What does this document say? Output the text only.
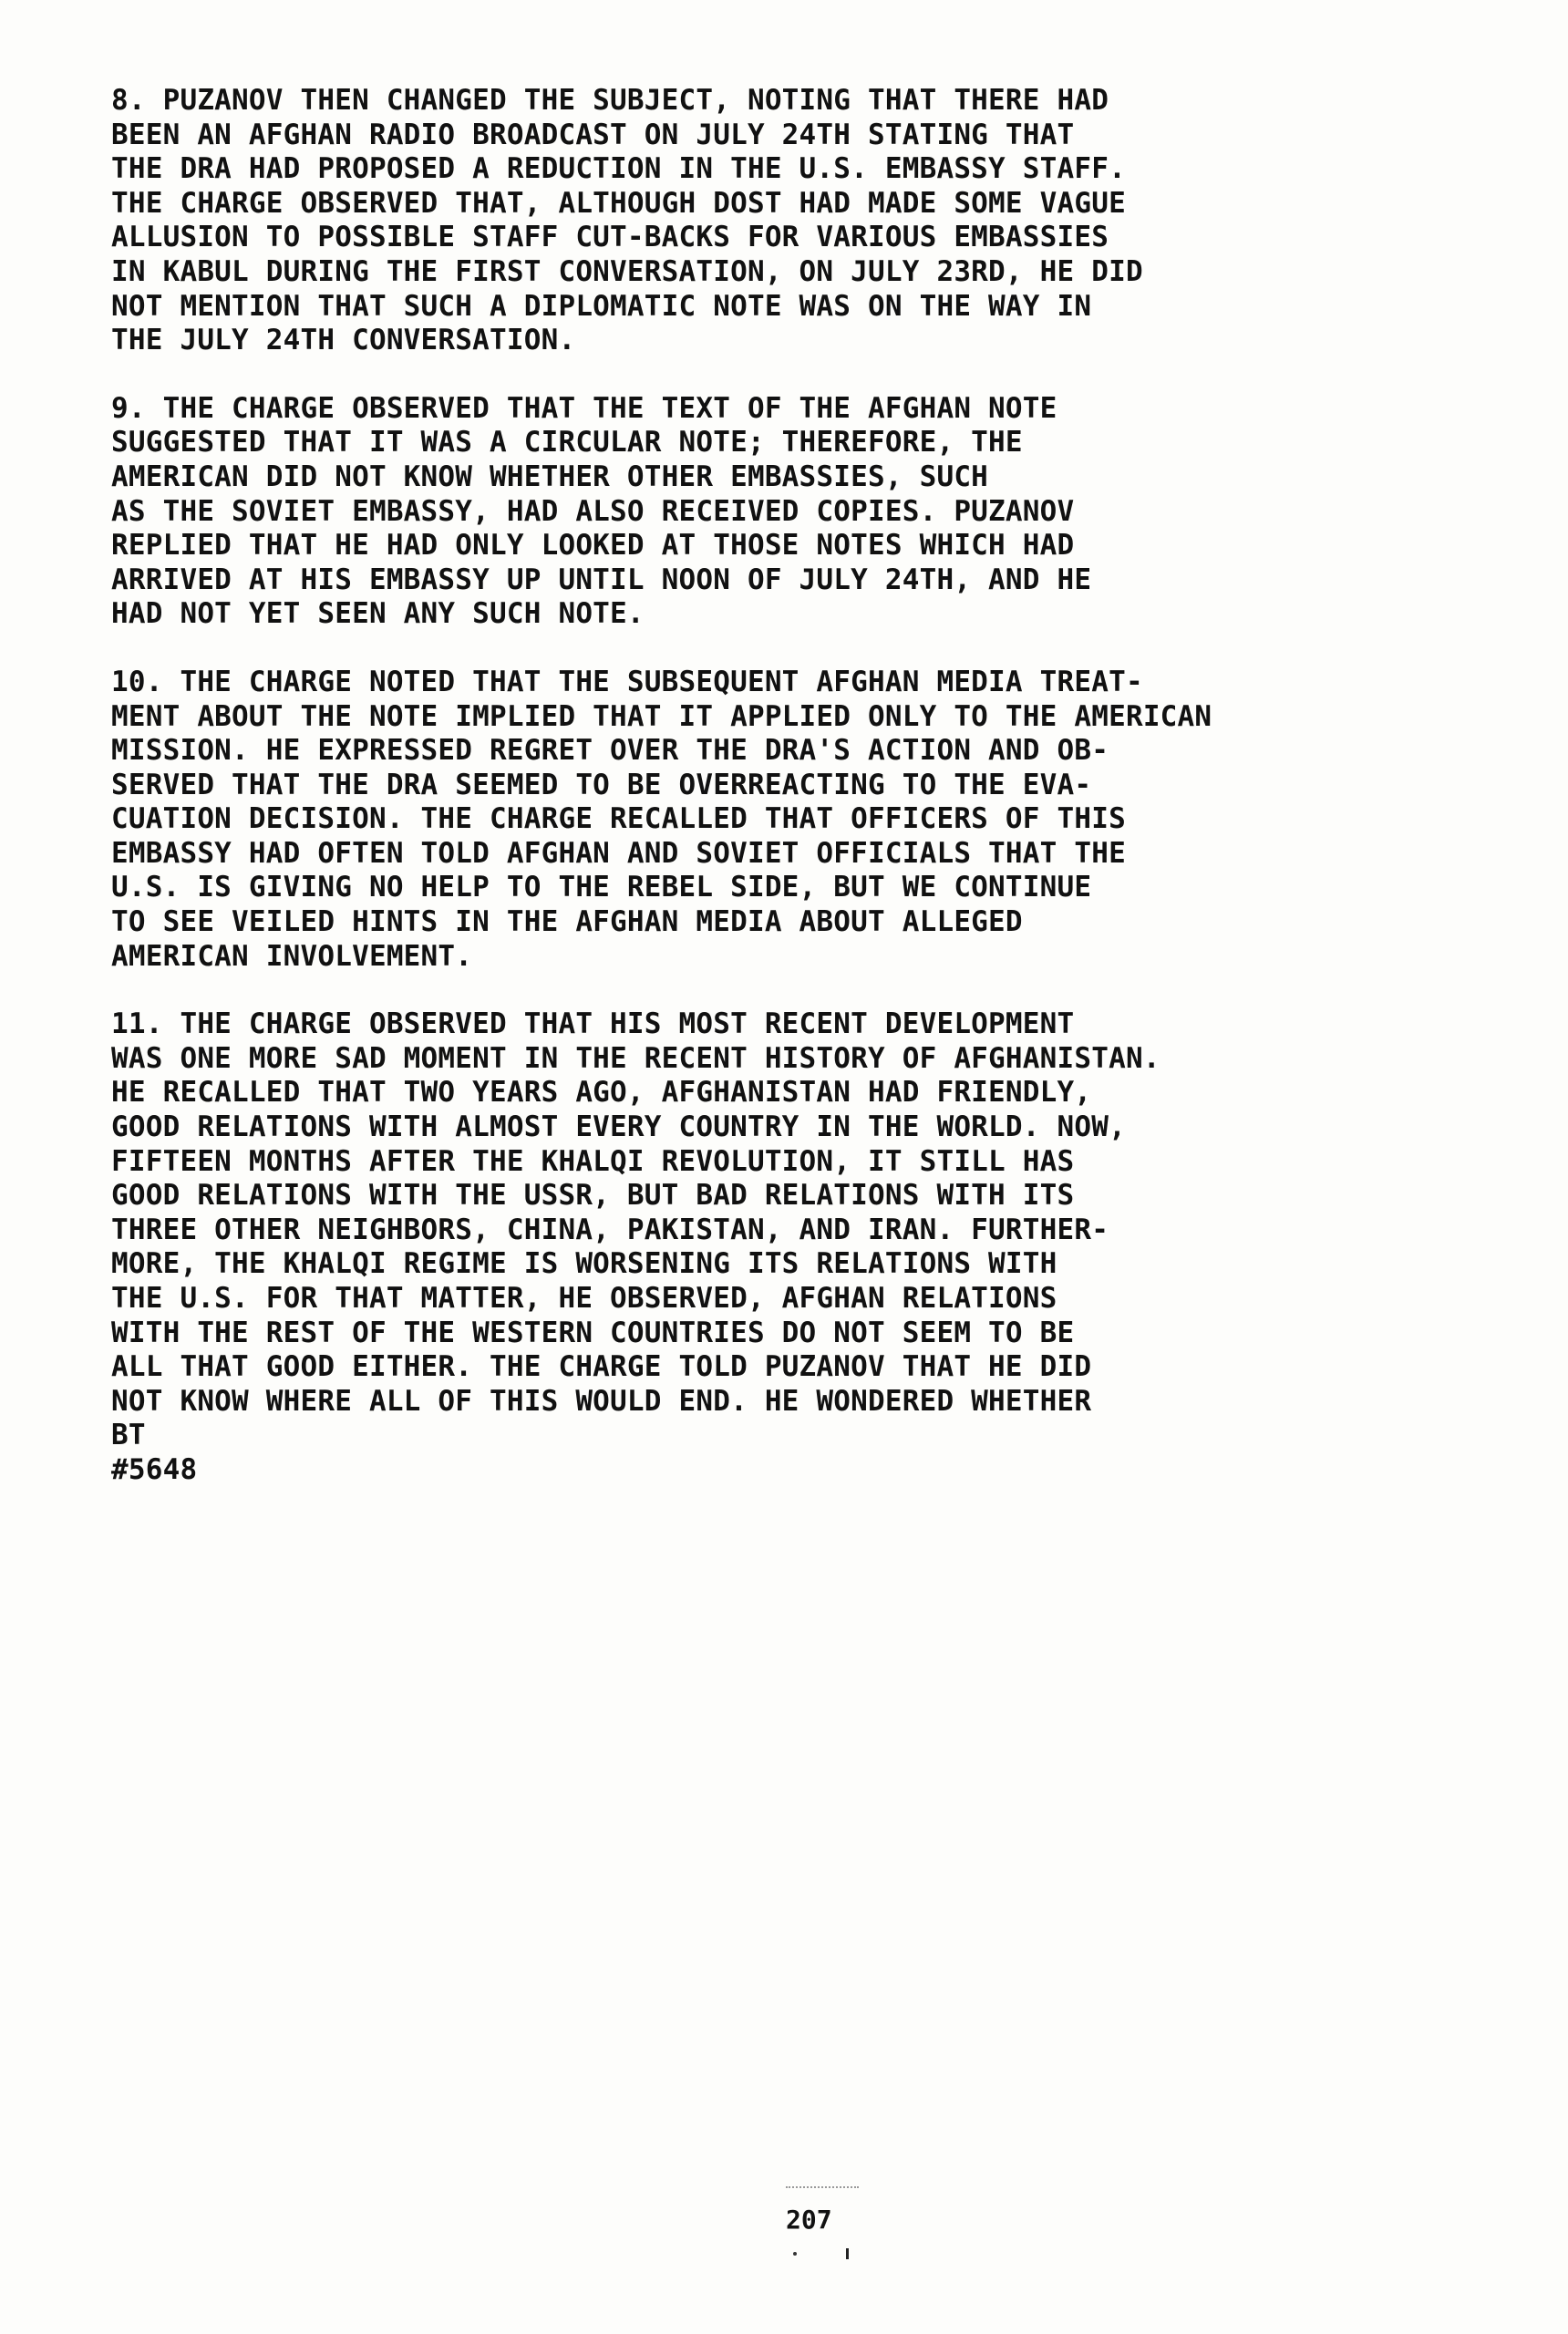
8. PUZANOV THEN CHANGED THE SUBJECT, NOTING THAT THERE HAD
BEEN AN AFGHAN RADIO BROADCAST ON JULY 24TH STATING THAT
THE DRA HAD PROPOSED A REDUCTION IN THE U.S. EMBASSY STAFF.
THE CHARGE OBSERVED THAT, ALTHOUGH DOST HAD MADE SOME VAGUE
ALLUSION TO POSSIBLE STAFF CUT-BACKS FOR VARIOUS EMBASSIES
IN KABUL DURING THE FIRST CONVERSATION, ON JULY 23RD, HE DID
NOT MENTION THAT SUCH A DIPLOMATIC NOTE WAS ON THE WAY IN
THE JULY 24TH CONVERSATION.
9. THE CHARGE OBSERVED THAT THE TEXT OF THE AFGHAN NOTE
SUGGESTED THAT IT WAS A CIRCULAR NOTE; THEREFORE, THE
AMERICAN DID NOT KNOW WHETHER OTHER EMBASSIES, SUCH
AS THE SOVIET EMBASSY, HAD ALSO RECEIVED COPIES. PUZANOV
REPLIED THAT HE HAD ONLY LOOKED AT THOSE NOTES WHICH HAD
ARRIVED AT HIS EMBASSY UP UNTIL NOON OF JULY 24TH, AND HE
HAD NOT YET SEEN ANY SUCH NOTE.
10. THE CHARGE NOTED THAT THE SUBSEQUENT AFGHAN MEDIA TREAT-
MENT ABOUT THE NOTE IMPLIED THAT IT APPLIED ONLY TO THE AMERICAN
MISSION. HE EXPRESSED REGRET OVER THE DRA'S ACTION AND OB-
SERVED THAT THE DRA SEEMED TO BE OVERREACTING TO THE EVA-
CUATION DECISION. THE CHARGE RECALLED THAT OFFICERS OF THIS
EMBASSY HAD OFTEN TOLD AFGHAN AND SOVIET OFFICIALS THAT THE
U.S. IS GIVING NO HELP TO THE REBEL SIDE, BUT WE CONTINUE
TO SEE VEILED HINTS IN THE AFGHAN MEDIA ABOUT ALLEGED
AMERICAN INVOLVEMENT.
11. THE CHARGE OBSERVED THAT HIS MOST RECENT DEVELOPMENT
WAS ONE MORE SAD MOMENT IN THE RECENT HISTORY OF AFGHANISTAN.
HE RECALLED THAT TWO YEARS AGO, AFGHANISTAN HAD FRIENDLY,
GOOD RELATIONS WITH ALMOST EVERY COUNTRY IN THE WORLD. NOW,
FIFTEEN MONTHS AFTER THE KHALQI REVOLUTION, IT STILL HAS
GOOD RELATIONS WITH THE USSR, BUT BAD RELATIONS WITH ITS
THREE OTHER NEIGHBORS, CHINA, PAKISTAN, AND IRAN. FURTHER-
MORE, THE KHALQI REGIME IS WORSENING ITS RELATIONS WITH
THE U.S. FOR THAT MATTER, HE OBSERVED, AFGHAN RELATIONS
WITH THE REST OF THE WESTERN COUNTRIES DO NOT SEEM TO BE
ALL THAT GOOD EITHER. THE CHARGE TOLD PUZANOV THAT HE DID
NOT KNOW WHERE ALL OF THIS WOULD END. HE WONDERED WHETHER
BT
#5648
207
